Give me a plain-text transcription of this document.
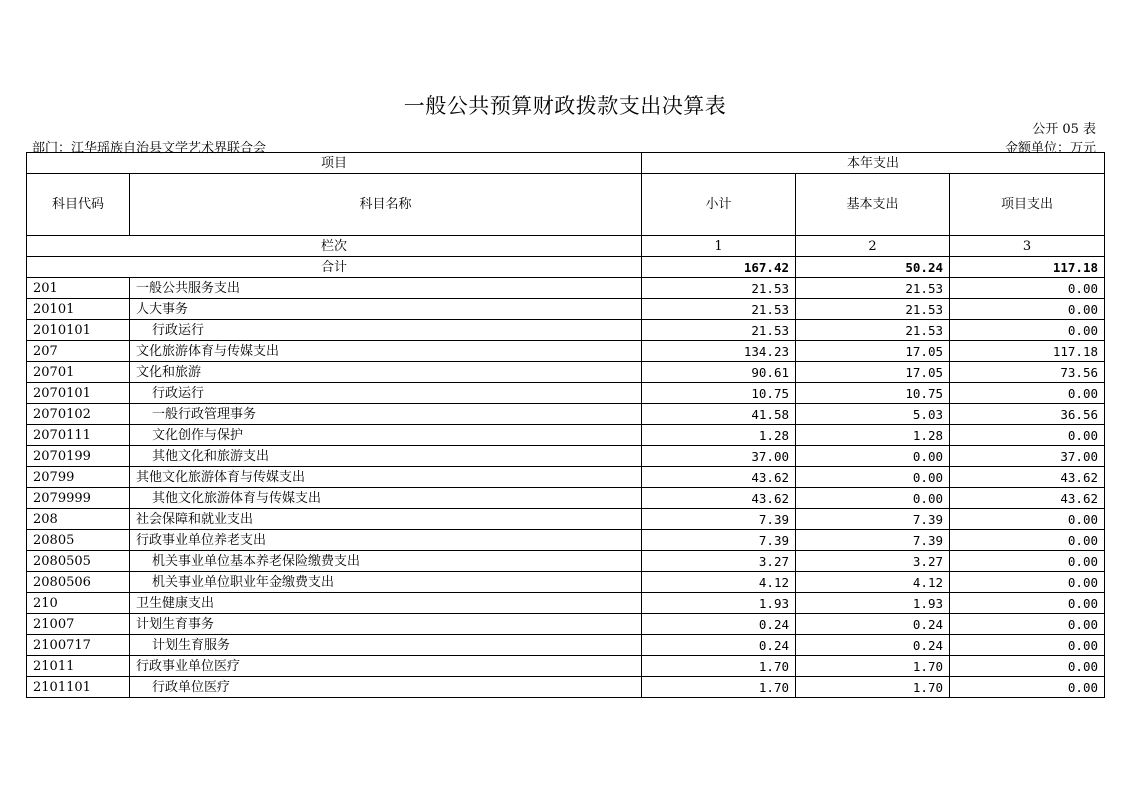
一般公共预算财政拨款支出决算表
公开 05 表
部门：江华瑶族自治县文学艺术界联合会	金额单位：万元
项目		本年支出		
科目代码	科目名称	小计	基本支出	项目支出
栏次		1	2	3
合计		167.42	50.24	117.18
201	一般公共服务支出	21.53	21.53	0.00
20101	人大事务	21.53	21.53	0.00
2010101	行政运行	21.53	21.53	0.00
207	文化旅游体育与传媒支出	134.23	17.05	117.18
20701	文化和旅游	90.61	17.05	73.56
2070101	行政运行	10.75	10.75	0.00
2070102	一般行政管理事务	41.58	5.03	36.56
2070111	文化创作与保护	1.28	1.28	0.00
2070199	其他文化和旅游支出	37.00	0.00	37.00
20799	其他文化旅游体育与传媒支出	43.62	0.00	43.62
2079999	其他文化旅游体育与传媒支出	43.62	0.00	43.62
208	社会保障和就业支出	7.39	7.39	0.00
20805	行政事业单位养老支出	7.39	7.39	0.00
2080505	机关事业单位基本养老保险缴费支出	3.27	3.27	0.00
2080506	机关事业单位职业年金缴费支出	4.12	4.12	0.00
210	卫生健康支出	1.93	1.93	0.00
21007	计划生育事务	0.24	0.24	0.00
2100717	计划生育服务	0.24	0.24	0.00
21011	行政事业单位医疗	1.70	1.70	0.00
2101101	行政单位医疗	1.70	1.70	0.00
